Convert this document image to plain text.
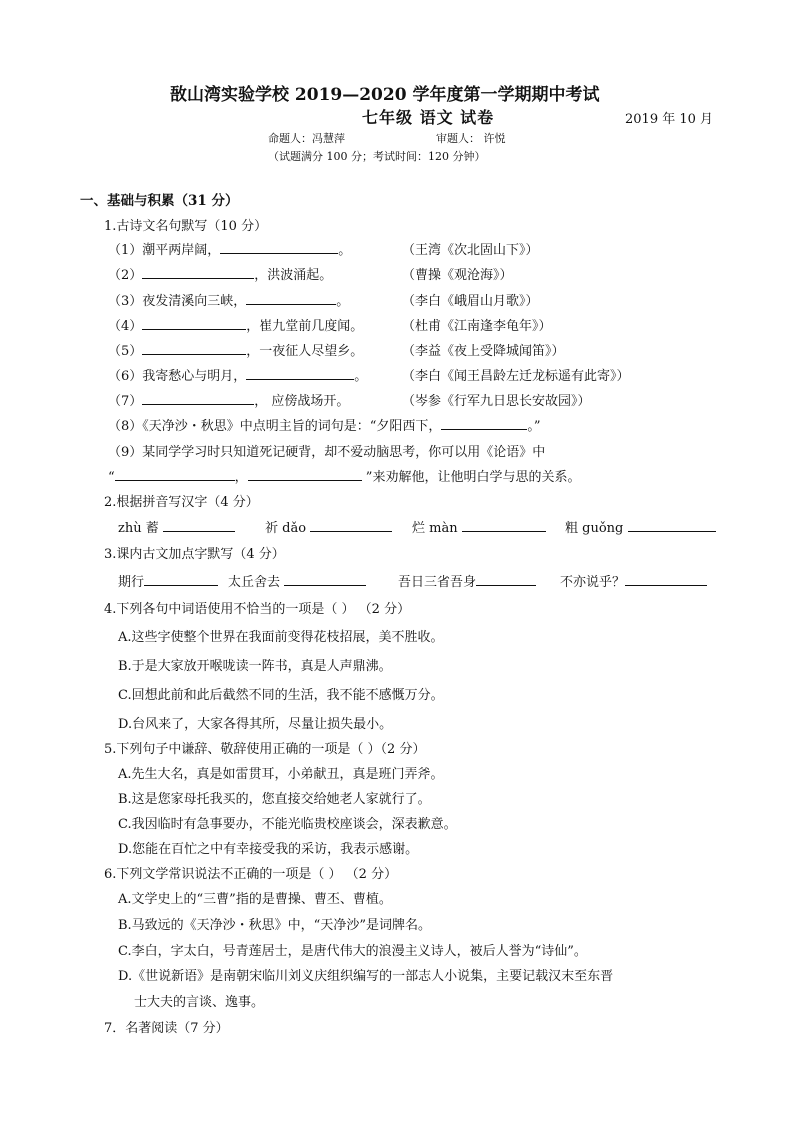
敔山湾实验学校 2019—2020 学年度第一学期期中考试
七年级 语文 试卷	2019 年 10 月
命题人：冯慧萍	审题人： 许悦
（试题满分 100 分；考试时间：120 分钟）
一、基础与积累（31 分）
1.古诗文名句默写（10 分）
（1）潮平两岸阔，	。	（王湾《次北固山下》）
（2）	，洪波涌起。	（曹操《观沧海》）
（3）夜发清溪向三峡，	。	（李白《峨眉山月歌》）
（4）	，崔九堂前几度闻。	（杜甫《江南逢李龟年》）
（5）	，一夜征人尽望乡。	（李益《夜上受降城闻笛》）
（6）我寄愁心与明月，	。	（李白《闻王昌龄左迁龙标遥有此寄》）
（7）	， 应傍战场开。	（岑参《行军九日思长安故园》）
（8）《天净沙・秋思》中点明主旨的词句是：“夕阳西下，	。”
（9）某同学学习时只知道死记硬背，却不爱动脑思考，你可以用《论语》中
“	，	”来劝解他，让他明白学与思的关系。
2.根据拼音写汉字（4 分）
zhù 蓄	祈 dǎo	烂 màn	粗 guǒng
3.课内古文加点字默写（4 分）
期行	太丘舍去	吾日三省吾身	不亦说乎？
4.下列各句中词语使用不恰当的一项是（ ） （2 分）
A.这些字使整个世界在我面前变得花枝招展，美不胜收。
B.于是大家放开喉咙读一阵书，真是人声鼎沸。
C.回想此前和此后截然不同的生活，我不能不感慨万分。
D.台风来了，大家各得其所，尽量让损失最小。
5.下列句子中谦辞、敬辞使用正确的一项是（ ）（2 分）
A.先生大名，真是如雷贯耳，小弟献丑，真是班门弄斧。
B.这是您家母托我买的，您直接交给她老人家就行了。
C.我因临时有急事要办，不能光临贵校座谈会，深表歉意。
D.您能在百忙之中有幸接受我的采访，我表示感谢。
6.下列文学常识说法不正确的一项是（ ） （2 分）
A.文学史上的“三曹”指的是曹操、曹丕、曹植。
B.马致远的《天净沙・秋思》中，“天净沙”是词牌名。
C.李白，字太白，号青莲居士，是唐代伟大的浪漫主义诗人，被后人誉为“诗仙”。
D.《世说新语》是南朝宋临川刘义庆组织编写的一部志人小说集，主要记载汉末至东晋
士大夫的言谈、逸事。
7．名著阅读（7 分）
